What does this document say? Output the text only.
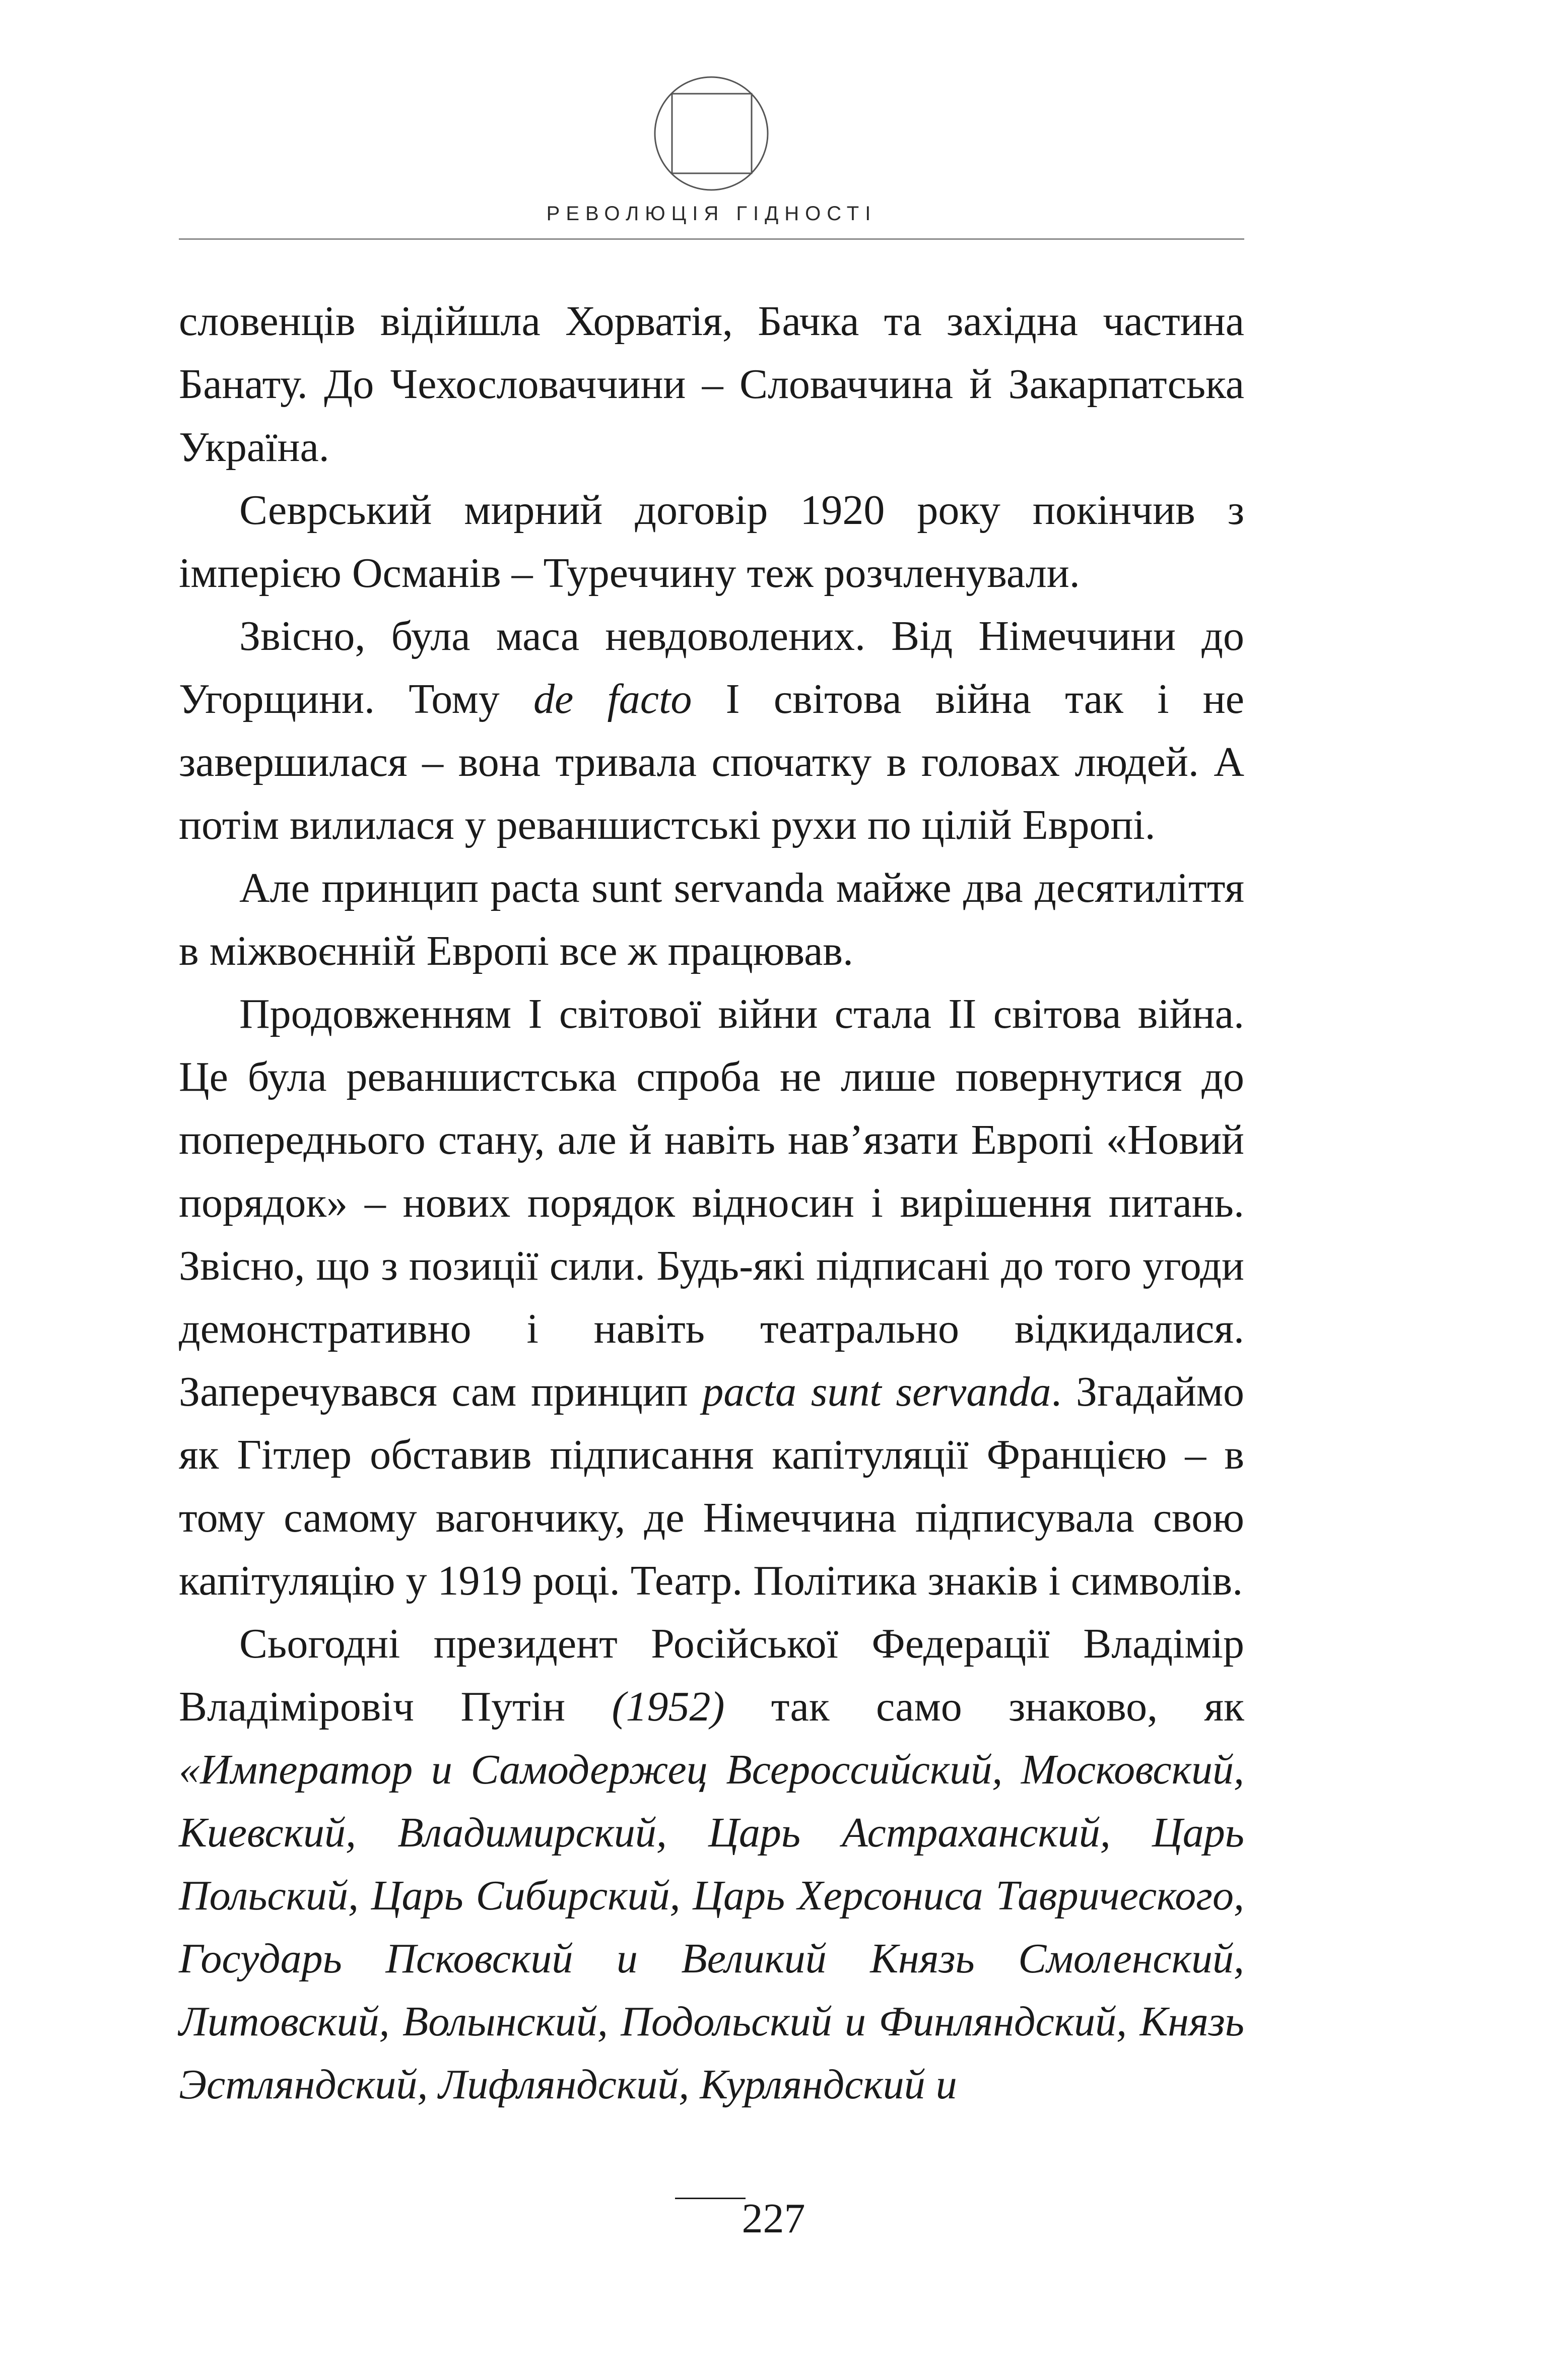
РЕВОЛЮЦІЯ ГІДНОСТІ

словенців відійшла Хорватія, Бачка та західна частина Банату. До Чехословаччини – Словаччина й Закарпатська Україна.

Севрський мирний договір 1920 року покінчив з імперією Османів – Туреччину теж розчленували.

Звісно, була маса невдоволених. Від Німеччини до Угорщини. Тому de facto I світова війна так і не завершилася – вона тривала спочатку в головах людей. А потім вилилася у реваншистські рухи по цілій Европі.

Але принцип pacta sunt servanda майже два десятиліття в міжвоєнній Европі все ж працював.

Продовженням I світової війни стала II світова війна. Це була реваншистська спроба не лише повернутися до попереднього стану, але й навіть нав’язати Европі «Новий порядок» – нових порядок відносин і вирішення питань. Звісно, що з позиції сили. Будь-які підписані до того угоди демонстративно і навіть театрально відкидалися. Заперечувався сам принцип pacta sunt servanda. Згадаймо як Гітлер обставив підписання капітуляції Францією – в тому самому вагончику, де Німеччина підписувала свою капітуляцію у 1919 році. Театр. Політика знаків і символів.

Сьогодні президент Російської Федерації Владімір Владіміровіч Путін (1952) так само знаково, як «Император и Самодержец Всероссийский, Московский, Киевский, Владимирский, Царь Астраханский, Царь Польский, Царь Сибирский, Царь Херсониса Таврического, Государь Псковский и Великий Князь Смоленский, Литовский, Волынский, Подольский и Финляндский, Князь Эстляндский, Лифляндский, Курляндский и

227
